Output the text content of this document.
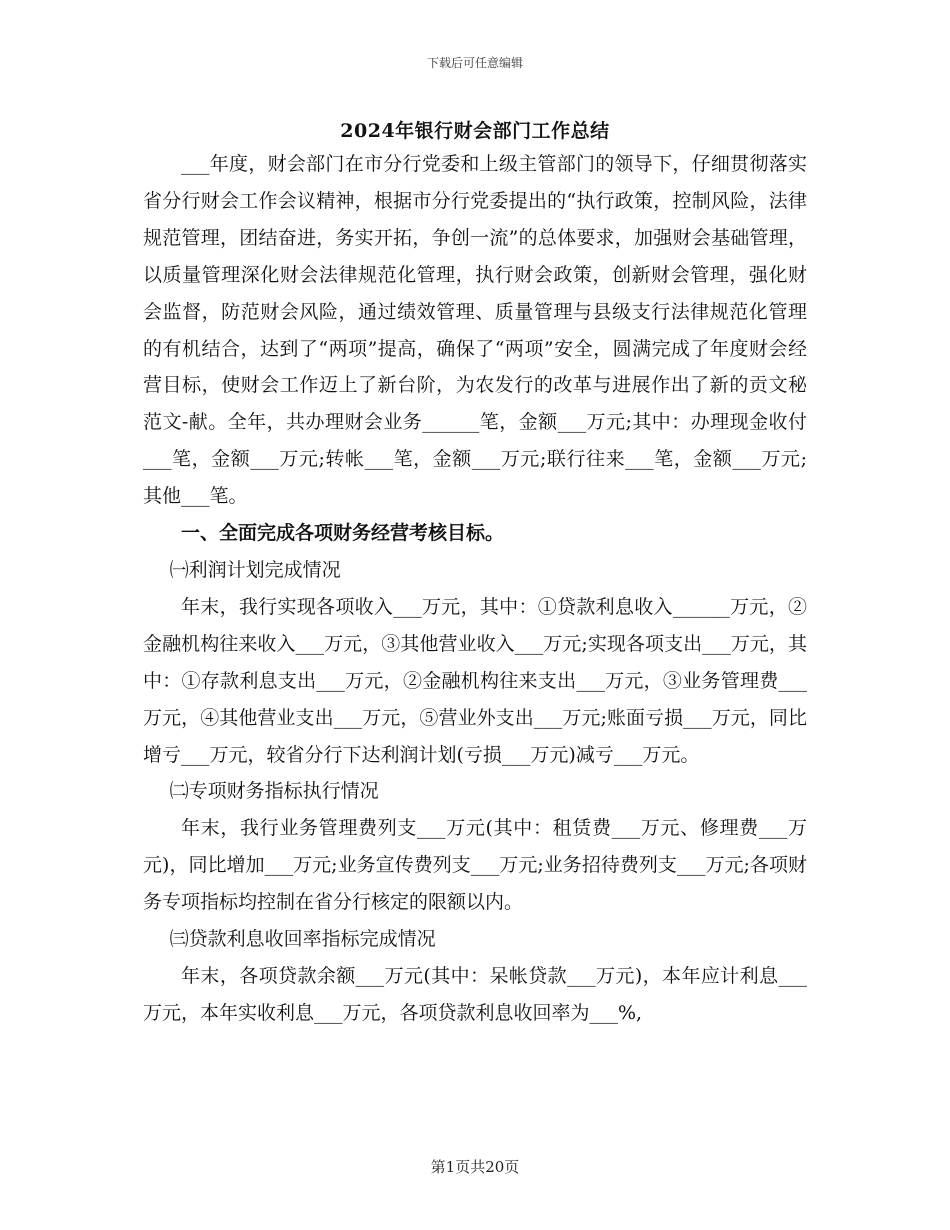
下载后可任意编辑
2024年银行财会部门工作总结

___年度，财会部门在市分行党委和上级主管部门的领导下，仔细贯彻落实省分行财会工作会议精神，根据市分行党委提出的“执行政策，控制风险，法律规范管理，团结奋进，务实开拓，争创一流”的总体要求，加强财会基础管理，以质量管理深化财会法律规范化管理，执行财会政策，创新财会管理，强化财会监督，防范财会风险，通过绩效管理、质量管理与县级支行法律规范化管理的有机结合，达到了“两项”提高，确保了“两项”安全，圆满完成了年度财会经营目标，使财会工作迈上了新台阶，为农发行的改革与进展作出了新的贡文秘范文-献。全年，共办理财会业务______笔，金额___万元;其中：办理现金收付___笔，金额___万元;转帐___笔，金额___万元;联行往来___笔，金额___万元;其他___笔。

一、全面完成各项财务经营考核目标。

㈠利润计划完成情况

年末，我行实现各项收入___万元，其中：①贷款利息收入______万元，②金融机构往来收入___万元，③其他营业收入___万元;实现各项支出___万元，其中：①存款利息支出___万元，②金融机构往来支出___万元，③业务管理费___万元，④其他营业支出___万元，⑤营业外支出___万元;账面亏损___万元，同比增亏___万元，较省分行下达利润计划(亏损___万元)减亏___万元。

㈡专项财务指标执行情况

年末，我行业务管理费列支___万元(其中：租赁费___万元、修理费___万元)，同比增加___万元;业务宣传费列支___万元;业务招待费列支___万元;各项财务专项指标均控制在省分行核定的限额以内。

㈢贷款利息收回率指标完成情况

年末，各项贷款余额___万元(其中：呆帐贷款___万元)，本年应计利息___万元，本年实收利息___万元，各项贷款利息收回率为___%,

第1页共20页
